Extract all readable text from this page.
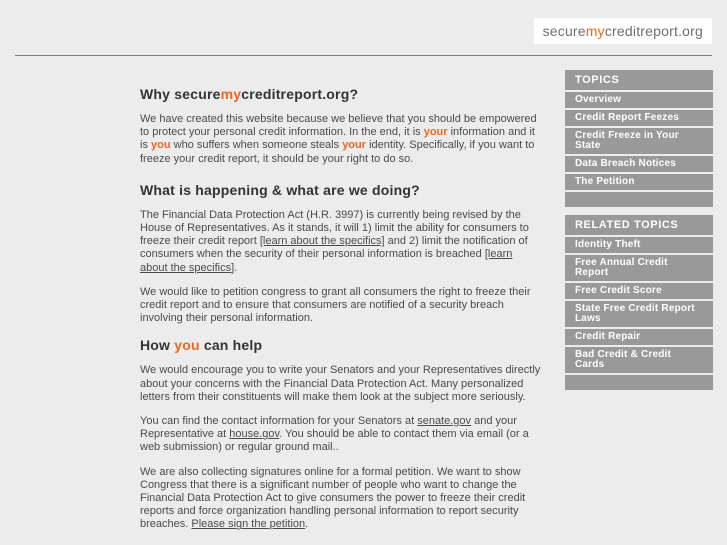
securemycreditreport.org
Why securemycreditreport.org?

We have created this website because we believe that you should be empowered to protect your personal credit information. In the end, it is your information and it is you who suffers when someone steals your identity. Specifically, if you want to freeze your credit report, it should be your right to do so.

What is happening & what are we doing?

The Financial Data Protection Act (H.R. 3997) is currently being revised by the House of Representatives. As it stands, it will 1) limit the ability for consumers to freeze their credit report [learn about the specifics] and 2) limit the notification of consumers when the security of their personal information is breached [learn about the specifics].

We would like to petition congress to grant all consumers the right to freeze their credit report and to ensure that consumers are notified of a security breach involving their personal information.

How you can help

We would encourage you to write your Senators and your Representatives directly about your concerns with the Financial Data Protection Act. Many personalized letters from their constituents will make them look at the subject more seriously.

You can find the contact information for your Senators at senate.gov and your Representative at house.gov. You should be able to contact them via email (or a web submission) or regular ground mail..

We are also collecting signatures online for a formal petition. We want to show Congress that there is a significant number of people who want to change the Financial Data Protection Act to give consumers the power to freeze their credit reports and force organization handling personal information to report security breaches. Please sign the petition.

TOPICS
Overview
Credit Report Feezes
Credit Freeze in Your State
Data Breach Notices
The Petition
RELATED TOPICS
Identity Theft
Free Annual Credit Report
Free Credit Score
State Free Credit Report Laws
Credit Repair
Bad Credit & Credit Cards
